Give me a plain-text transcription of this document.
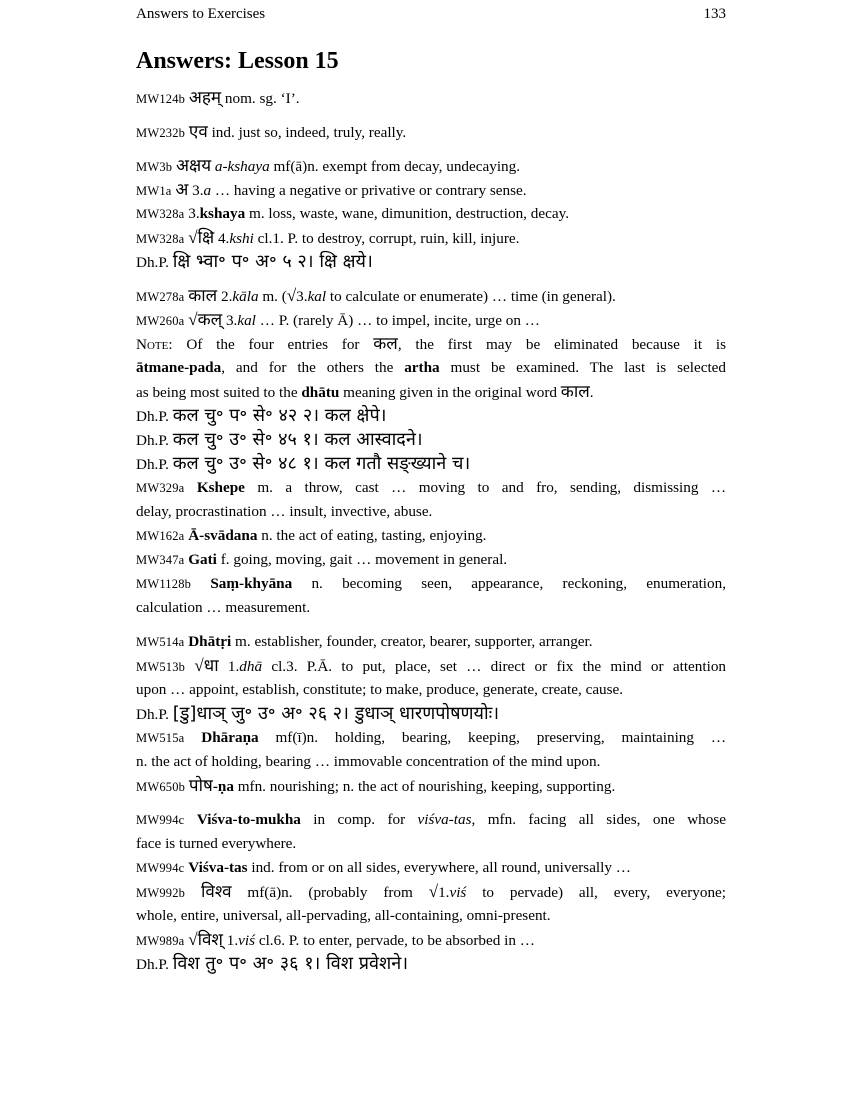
Answers to Exercises	133
Answers: Lesson 15
MW124b अहम् nom. sg. ‘I’.
MW232b एव ind. just so, indeed, truly, really.
MW3b अक्षय a-kshaya mf(ā)n. exempt from decay, undecaying.
MW1a अ 3.a … having a negative or privative or contrary sense.
MW328a 3.kshaya m. loss, waste, wane, dimunition, destruction, decay.
MW328a √क्षि 4.kshi cl.1. P. to destroy, corrupt, ruin, kill, injure.
Dh.P. क्षि भ्वा॰ प॰ अ॰ ५ २। क्षि क्षये।
MW278a काल 2.kāla m. (√3.kal to calculate or enumerate) … time (in general).
MW260a √कल् 3.kal … P. (rarely Ā) … to impel, incite, urge on …
Note: Of the four entries for कल, the first may be eliminated because it is
ātmane-pada, and for the others the artha must be examined. The last is selected
as being most suited to the dhātu meaning given in the original word काल.
Dh.P. कल चु॰ प॰ से॰ ४२ २। कल क्षेपे।
Dh.P. कल चु॰ उ॰ से॰ ४५ १। कल आस्वादने।
Dh.P. कल चु॰ उ॰ से॰ ४८ १। कल गतौ सङ्ख्याने च।
MW329a Kshepe m. a throw, cast … moving to and fro, sending, dismissing …
delay, procrastination … insult, invective, abuse.
MW162a Ā-svādana n. the act of eating, tasting, enjoying.
MW347a Gati f. going, moving, gait … movement in general.
MW1128b Saṃ-khyāna n. becoming seen, appearance, reckoning, enumeration,
calculation … measurement.
MW514a Dhātṛi m. establisher, founder, creator, bearer, supporter, arranger.
MW513b √धा 1.dhā cl.3. P.Ā. to put, place, set … direct or fix the mind or attention
upon … appoint, establish, constitute; to make, produce, generate, create, cause.
Dh.P. [डु]धाञ् जु॰ उ॰ अ॰ २६ २। डुधाञ् धारणपोषणयोः।
MW515a Dhāraṇa mf(ī)n. holding, bearing, keeping, preserving, maintaining …
n. the act of holding, bearing … immovable concentration of the mind upon.
MW650b पोष-ṇa mfn. nourishing; n. the act of nourishing, keeping, supporting.
MW994c Viśva-to-mukha in comp. for viśva-tas, mfn. facing all sides, one whose
face is turned everywhere.
MW994c Viśva-tas ind. from or on all sides, everywhere, all round, universally …
MW992b विश्व mf(ā)n. (probably from √1.viś to pervade) all, every, everyone;
whole, entire, universal, all-pervading, all-containing, omni-present.
MW989a √विश् 1.viś cl.6. P. to enter, pervade, to be absorbed in …
Dh.P. विश तु॰ प॰ अ॰ ३६ १। विश प्रवेशने।
